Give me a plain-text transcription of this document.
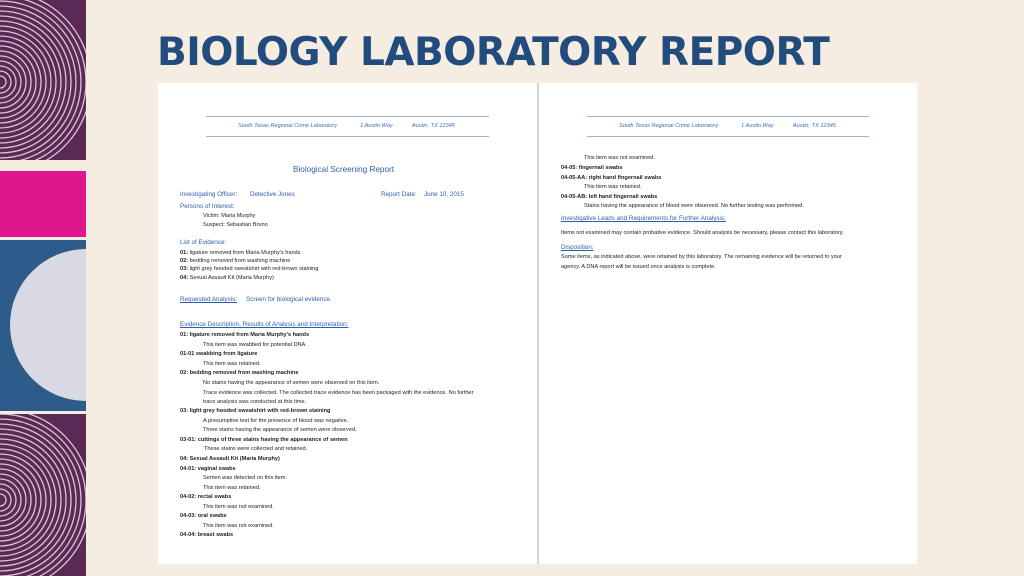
BIOLOGY LABORATORY REPORT
South Texas Regional Crime Laboratory	1 Austin Way	Austin, TX 12345
Biological Screening Report
Investigating Officer: Detective Jones	Report Date: June 10, 2015
Persons of Interest:
Victim: Maria Murphy
Suspect: Sebastian Bruno
List of Evidence:
01: ligature removed from Maria Murphy's hands
02: bedding removed from washing machine
03: light grey hooded sweatshirt with red-brown staining
04: Sexual Assault Kit (Maria Murphy)
Requested Analysis: Screen for biological evidence.
Evidence Description, Results of Analysis and Interpretation:
01: ligature removed from Maria Murphy's hands
This item was swabbed for potential DNA.
01-01 swabbing from ligature
This item was retained.
02: bedding removed from washing machine
No stains having the appearance of semen were observed on this item.
Trace evidence was collected. The collected trace evidence has been packaged with the evidence. No further
trace analysis was conducted at this time.
03: light grey hooded sweatshirt with red-brown staining
A presumptive test for the presence of blood was negative.
Three stains having the appearance of semen were observed.
03-01: cuttings of three stains having the appearance of semen
These stains were collected and retained.
04: Sexual Assault Kit (Maria Murphy)
04-01: vaginal swabs
Semen was detected on this item.
This item was retained.
04-02: rectal swabs
This item was not examined.
04-03: oral swabs
This item was not examined.
04-04: breast swabs
South Texas Regional Crime Laboratory	1 Austin Way	Austin, TX 12345
This item was not examined.
04-05: fingernail swabs
04-05-AA: right hand fingernail swabs
This item was retained.
04-05-AB: left hand fingernail swabs
Stains having the appearance of blood were observed. No further testing was performed.
Investigative Leads and Requirements for Further Analysis:
Items not examined may contain probative evidence. Should analysis be necessary, please contact this laboratory.
Disposition:
Some items, as indicated above, were retained by this laboratory. The remaining evidence will be returned to your
agency. A DNA report will be issued once analysis is complete.
